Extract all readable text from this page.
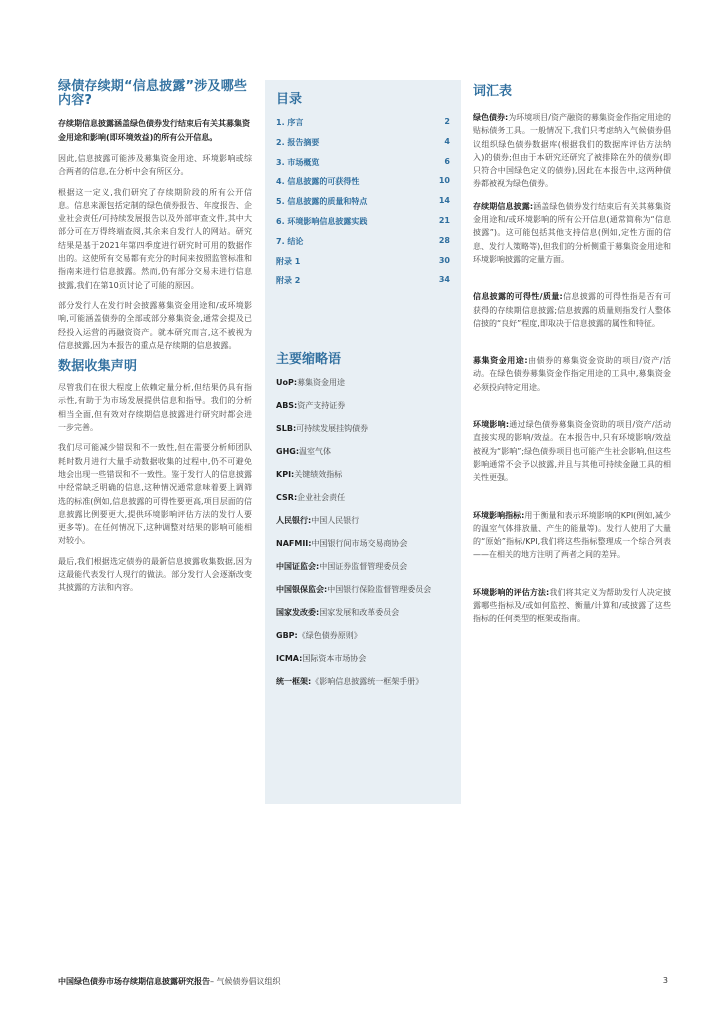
绿债存续期“信息披露”涉及哪些内容?

存续期信息披露涵盖绿色债券发行结束后有关其募集资金用途和影响(即环境效益)的所有公开信息。

因此,信息披露可能涉及募集资金用途、环境影响或综合两者的信息,在分析中会有所区分。

根据这一定义,我们研究了存续期阶段的所有公开信息。信息来源包括定制的绿色债券报告、年度报告、企业社会责任/可持续发展报告以及外部审查文件,其中大部分可在万得终端查阅,其余来自发行人的网站。研究结果是基于2021年第四季度进行研究时可用的数据作出的。这使所有交易都有充分的时间来按照监管标准和指南来进行信息披露。然而,仍有部分交易未进行信息披露,我们在第10页讨论了可能的原因。

部分发行人在发行时会披露募集资金用途和/或环境影响,可能涵盖债券的全部或部分募集资金,通常会提及已经投入运营的再融资资产。就本研究而言,这不被视为信息披露,因为本报告的重点是存续期的信息披露。

数据收集声明

尽管我们在很大程度上依赖定量分析,但结果仍具有指示性,有助于为市场发展提供信息和指导。我们的分析相当全面,但有效对存续期信息披露进行研究时都会进一步完善。

我们尽可能减少错误和不一致性,但在需要分析师团队耗时数月进行大量手动数据收集的过程中,仍不可避免地会出现一些错误和不一致性。鉴于发行人的信息披露中经常缺乏明确的信息,这种情况通常意味着要上调筛选的标准(例如,信息披露的可得性要更高,项目层面的信息披露比例要更大,提供环境影响评估方法的发行人要更多等)。在任何情况下,这种调整对结果的影响可能相对较小。

最后,我们根据选定债券的最新信息披露收集数据,因为这最能代表发行人现行的做法。部分发行人会逐渐改变其披露的方法和内容。

目录
1. 序言	2
2. 报告摘要	4
3. 市场概览	6
4. 信息披露的可获得性	10
5. 信息披露的质量和特点	14
6. 环境影响信息披露实践	21
7. 结论	28
附录 1	30
附录 2	34
主要缩略语
UoP:募集资金用途
ABS:资产支持证券
SLB:可持续发展挂钩债券
GHG:温室气体
KPI:关键绩效指标
CSR:企业社会责任
人民银行:中国人民银行
NAFMII:中国银行间市场交易商协会
中国证监会:中国证券监督管理委员会
中国银保监会:中国银行保险监督管理委员会
国家发改委:国家发展和改革委员会
GBP:《绿色债券原则》
ICMA:国际资本市场协会
统一框架:《影响信息披露统一框架手册》
词汇表

绿色债券:为环境项目/资产融资的募集资金作指定用途的贴标债务工具。一般情况下,我们只考虑纳入气候债券倡议组织绿色债券数据库(根据我们的数据库评估方法纳入)的债券;但由于本研究还研究了被排除在外的债券(即只符合中国绿色定义的债券),因此在本报告中,这两种债券都被视为绿色债券。

存续期信息披露:涵盖绿色债券发行结束后有关其募集资金用途和/或环境影响的所有公开信息(通常简称为“信息披露”)。这可能包括其他支持信息(例如,定性方面的信息、发行人策略等),但我们的分析侧重于募集资金用途和环境影响披露的定量方面。

信息披露的可得性/质量:信息披露的可得性指是否有可获得的存续期信息披露;信息披露的质量则指发行人整体信披的“良好”程度,即取决于信息披露的属性和特征。

募集资金用途:由债券的募集资金资助的项目/资产/活动。在绿色债券募集资金作指定用途的工具中,募集资金必须投向特定用途。

环境影响:通过绿色债券募集资金资助的项目/资产/活动直接实现的影响/效益。在本报告中,只有环境影响/效益被视为“影响”;绿色债券项目也可能产生社会影响,但这些影响通常不会予以披露,并且与其他可持续金融工具的相关性更强。

环境影响指标:用于衡量和表示环境影响的KPI(例如,减少的温室气体排放量、产生的能量等)。发行人使用了大量的“原始”指标/KPI,我们将这些指标整理成一个综合列表——在相关的地方注明了两者之间的差异。

环境影响的评估方法:我们将其定义为帮助发行人决定披露哪些指标及/或如何监控、衡量/计算和/或披露了这些指标的任何类型的框架或指南。

中国绿色债券市场存续期信息披露研究报告– 气候债券倡议组织	3
